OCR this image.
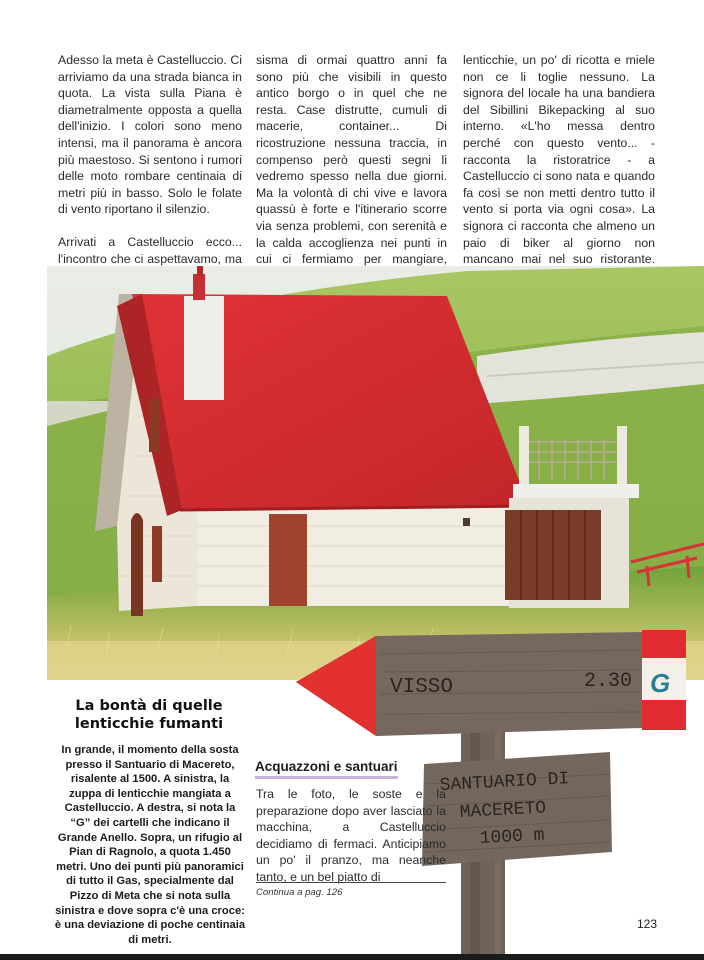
Adesso la meta è Castelluccio. Ci arriviamo da una strada bianca in quota. La vista sulla Piana è diametralmente opposta a quella dell'inizio. I colori sono meno intensi, ma il panorama è ancora più maestoso. Si sentono i rumori delle moto rombare centinaia di metri più in basso. Solo le folate di vento riportano il silenzio.

Arrivati a Castelluccio ecco... l'incontro che ci aspettavamo, ma

sisma di ormai quattro anni fa sono più che visibili in questo antico borgo o in quel che ne resta. Case distrutte, cumuli di macerie, container... Di ricostruzione nessuna traccia, in compenso però questi segni li vedremo spesso nella due giorni. Ma la volontà di chi vive e lavora quassù è forte e l'itinerario scorre via senza problemi, con serenità e la calda accoglienza nei punti in cui ci fermiamo per mangiare,

lenticchie, un po' di ricotta e miele non ce li toglie nessuno. La signora del locale ha una bandiera del Sibillini Bikepacking al suo interno. «L'ho messa dentro perché con questo vento... - racconta la ristoratrice - a Castelluccio ci sono nata e quando fa così se non metti dentro tutto il vento si porta via ogni cosa». La signora ci racconta che almeno un paio di biker al giorno non mancano mai nel suo ristorante.

VISSO	2.30 G
SANTUARIO DI
MACERETO
1000 m
La bontà di quelle
lenticchie fumanti

In grande, il momento della sosta presso il Santuario di Macereto, risalente al 1500. A sinistra, la zuppa di lenticchie mangiata a Castelluccio. A destra, si nota la “G” dei cartelli che indicano il Grande Anello. Sopra, un rifugio al Pian di Ragnolo, a quota 1.450 metri. Uno dei punti più panoramici di tutto il Gas, specialmente dal Pizzo di Meta che si nota sulla sinistra e dove sopra c'è una croce: è una deviazione di poche centinaia di metri.

Acquazzoni e santuari

Tra le foto, le soste e la preparazione dopo aver lasciato la macchina, a Castelluccio decidiamo di fermaci. Anticipiamo un po' il pranzo, ma neanche tanto, e un bel piatto di

Continua a pag. 126

123
